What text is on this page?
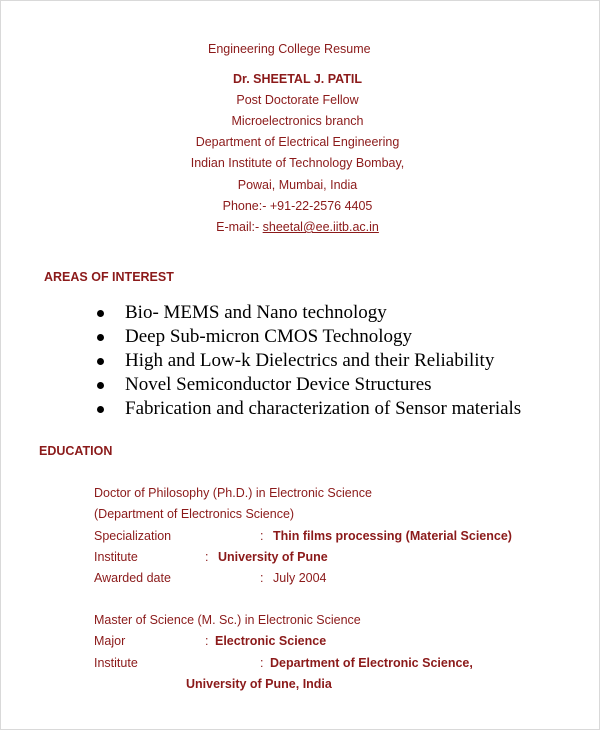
Engineering College Resume
Dr. SHEETAL J. PATIL
Post Doctorate Fellow
Microelectronics branch
Department of Electrical Engineering
Indian Institute of Technology Bombay,
Powai, Mumbai, India
Phone:- +91-22-2576 4405
E-mail:- sheetal@ee.iitb.ac.in
AREAS OF INTEREST
Bio- MEMS and Nano technology
Deep Sub-micron CMOS Technology
High and Low-k Dielectrics and their Reliability
Novel Semiconductor Device Structures
Fabrication and characterization of Sensor materials
EDUCATION
Doctor of Philosophy (Ph.D.) in Electronic Science
(Department of Electronics Science)
Specialization	: Thin films processing (Material Science)
Institute	: University of Pune
Awarded date	: July 2004
Master of Science (M. Sc.) in Electronic Science
Major	: Electronic Science
Institute	: Department of Electronic Science,
University of Pune, India
